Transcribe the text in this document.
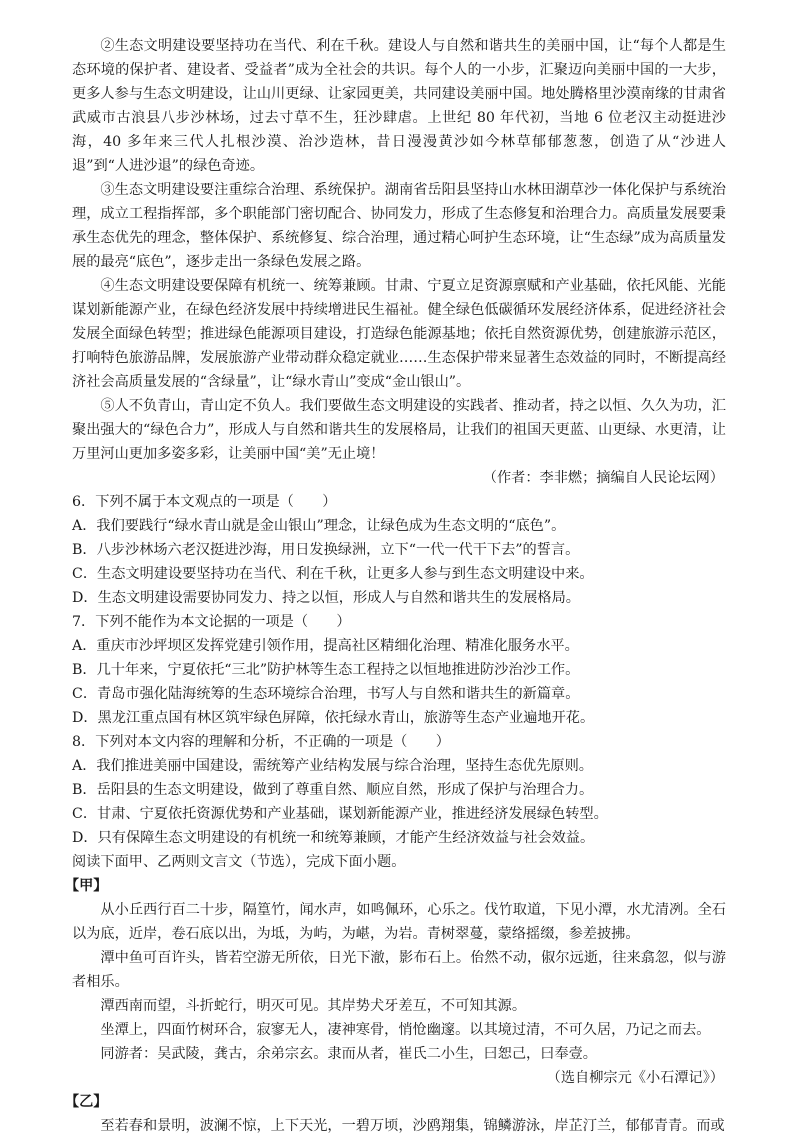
②生态文明建设要坚持功在当代、利在千秋。建设人与自然和谐共生的美丽中国，让“每个人都是生态环境的保护者、建设者、受益者”成为全社会的共识。每个人的一小步，汇聚迈向美丽中国的一大步，更多人参与生态文明建设，让山川更绿、让家园更美，共同建设美丽中国。地处腾格里沙漠南缘的甘肃省武威市古浪县八步沙林场，过去寸草不生，狂沙肆虐。上世纪 80 年代初，当地 6 位老汉主动挺进沙海，40 多年来三代人扎根沙漠、治沙造林，昔日漫漫黄沙如今林草郁郁葱葱，创造了从“沙进人退”到“人进沙退”的绿色奇迹。

③生态文明建设要注重综合治理、系统保护。湖南省岳阳县坚持山水林田湖草沙一体化保护与系统治理，成立工程指挥部，多个职能部门密切配合、协同发力，形成了生态修复和治理合力。高质量发展要秉承生态优先的理念，整体保护、系统修复、综合治理，通过精心呵护生态环境，让“生态绿”成为高质量发展的最亮“底色”，逐步走出一条绿色发展之路。

④生态文明建设要保障有机统一、统筹兼顾。甘肃、宁夏立足资源禀赋和产业基础，依托风能、光能谋划新能源产业，在绿色经济发展中持续增进民生福祉。健全绿色低碳循环发展经济体系，促进经济社会发展全面绿色转型；推进绿色能源项目建设，打造绿色能源基地；依托自然资源优势，创建旅游示范区，打响特色旅游品牌，发展旅游产业带动群众稳定就业……生态保护带来显著生态效益的同时，不断提高经济社会高质量发展的“含绿量”，让“绿水青山”变成“金山银山”。

⑤人不负青山，青山定不负人。我们要做生态文明建设的实践者、推动者，持之以恒、久久为功，汇聚出强大的“绿色合力”，形成人与自然和谐共生的发展格局，让我们的祖国天更蓝、山更绿、水更清，让万里河山更加多姿多彩，让美丽中国“美”无止境！

（作者：李非燃；摘编自人民论坛网）

6．下列不属于本文观点的一项是（　　）

A．我们要践行“绿水青山就是金山银山”理念，让绿色成为生态文明的“底色”。

B．八步沙林场六老汉挺进沙海，用日发换绿洲，立下“一代一代干下去”的誓言。

C．生态文明建设要坚持功在当代、利在千秋，让更多人参与到生态文明建设中来。

D．生态文明建设需要协同发力、持之以恒，形成人与自然和谐共生的发展格局。

7．下列不能作为本文论据的一项是（　　）

A．重庆市沙坪坝区发挥党建引领作用，提高社区精细化治理、精准化服务水平。

B．几十年来，宁夏依托“三北”防护林等生态工程持之以恒地推进防沙治沙工作。

C．青岛市强化陆海统筹的生态环境综合治理，书写人与自然和谐共生的新篇章。

D．黑龙江重点国有林区筑牢绿色屏障，依托绿水青山，旅游等生态产业遍地开花。

8．下列对本文内容的理解和分析，不正确的一项是（　　）

A．我们推进美丽中国建设，需统筹产业结构发展与综合治理，坚持生态优先原则。

B．岳阳县的生态文明建设，做到了尊重自然、顺应自然，形成了保护与治理合力。

C．甘肃、宁夏依托资源优势和产业基础，谋划新能源产业，推进经济发展绿色转型。

D．只有保障生态文明建设的有机统一和统筹兼顾，才能产生经济效益与社会效益。

阅读下面甲、乙两则文言文（节选），完成下面小题。

【甲】

从小丘西行百二十步，隔篁竹，闻水声，如鸣佩环，心乐之。伐竹取道，下见小潭，水尤清冽。全石以为底，近岸，卷石底以出，为坻，为屿，为嵁，为岩。青树翠蔓，蒙络摇缀，参差披拂。

潭中鱼可百许头，皆若空游无所依，日光下澈，影布石上。佁然不动，俶尔远逝，往来翕忽，似与游者相乐。

潭西南而望，斗折蛇行，明灭可见。其岸势犬牙差互，不可知其源。

坐潭上，四面竹树环合，寂寥无人，凄神寒骨，悄怆幽邃。以其境过清，不可久居，乃记之而去。

同游者：吴武陵，龚古，余弟宗玄。隶而从者，崔氏二小生，曰恕己，曰奉壹。

（选自柳宗元《小石潭记》）

【乙】

至若春和景明，波澜不惊，上下天光，一碧万顷，沙鸥翔集，锦鳞游泳，岸芷汀兰，郁郁青青。而或
